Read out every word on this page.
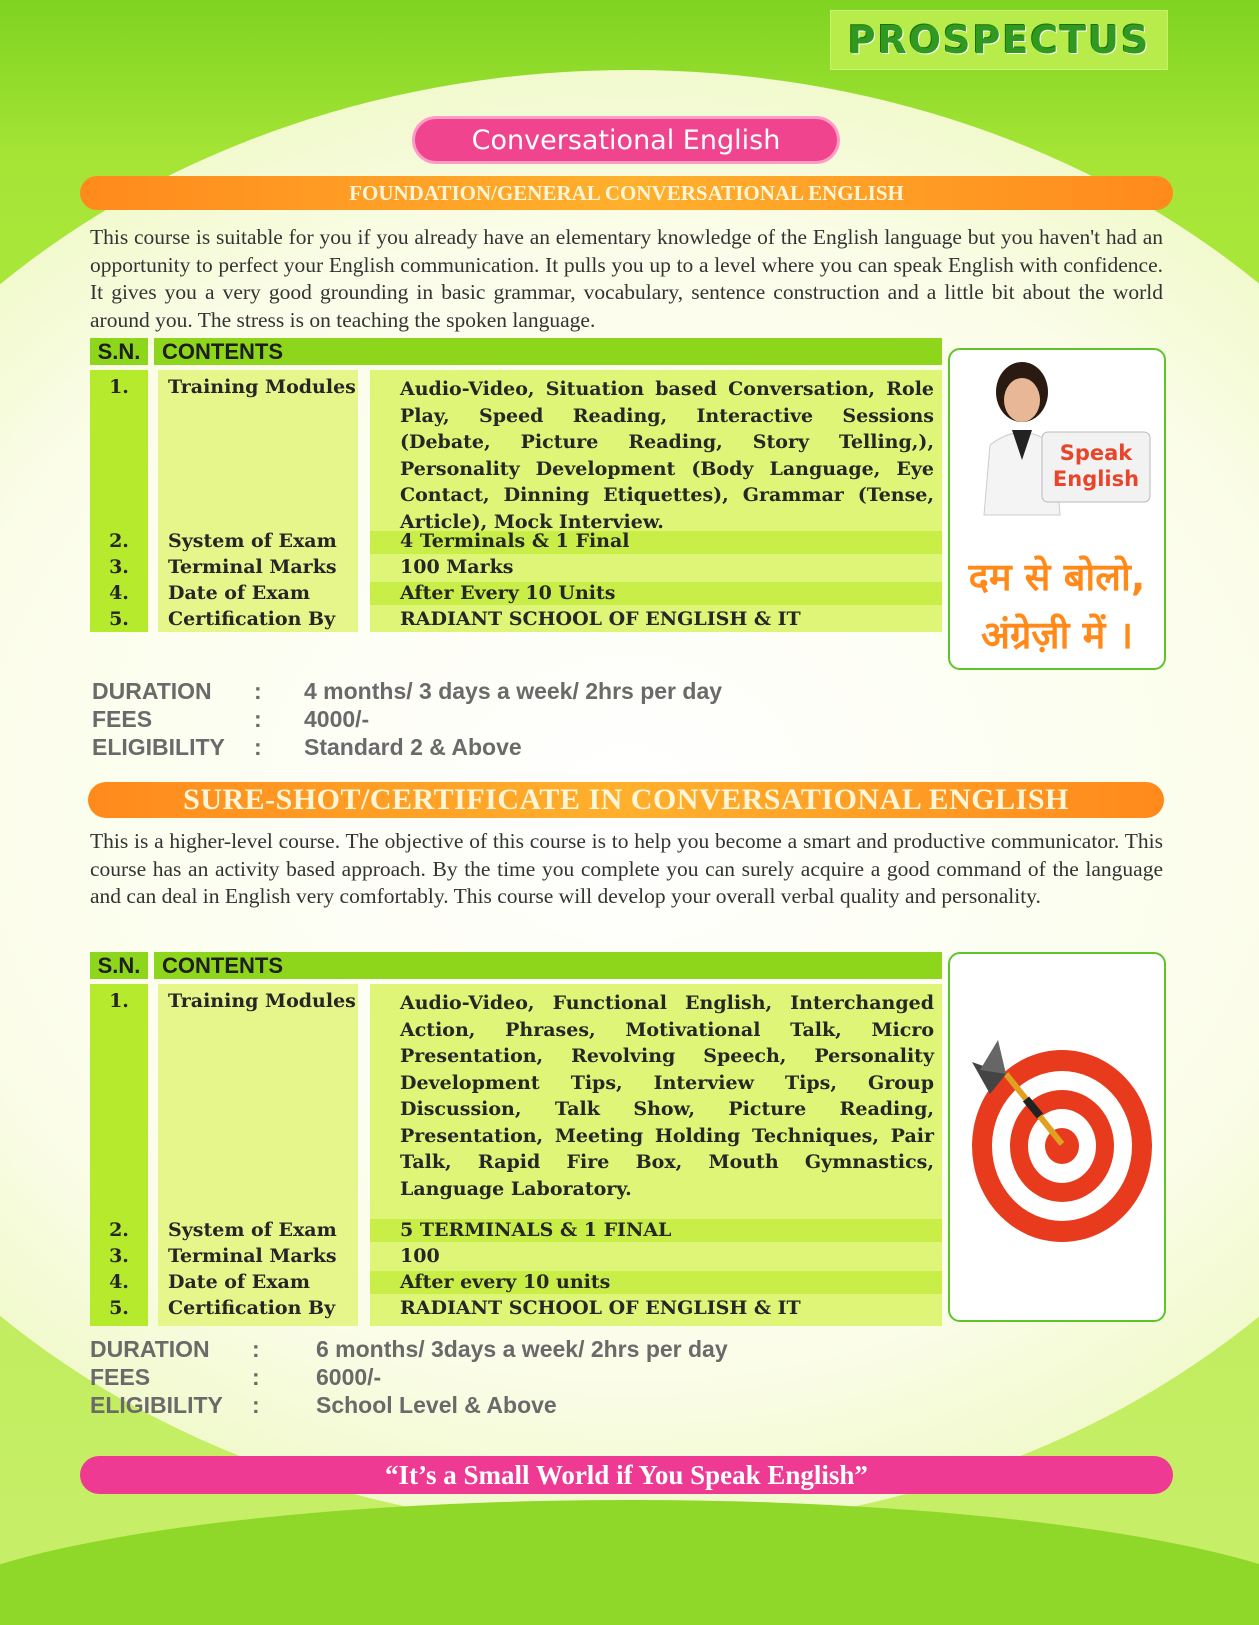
PROSPECTUS
Conversational English
FOUNDATION/GENERAL CONVERSATIONAL ENGLISH
This course is suitable for you if you already have an elementary knowledge of the English language but you haven't had an opportunity to perfect your English communication. It pulls you up to a level where you can speak English with confidence. It gives you a very good grounding in basic grammar, vocabulary, sentence construction and a little bit about the world around you. The stress is on teaching the spoken language.
S.N. CONTENTS
1.	Training Modules	Audio-Video, Situation based Conversation, Role Play, Speed Reading, Interactive Sessions (Debate, Picture Reading, Story Telling,), Personality Development (Body Language, Eye Contact, Dinning Etiquettes), Grammar (Tense, Article), Mock Interview.
2.	System of Exam	4 Terminals & 1 Final
3.	Terminal Marks	100 Marks
4.	Date of Exam	After Every 10 Units
5.	Certification By	RADIANT SCHOOL OF ENGLISH & IT
Speak
English
दम से बोलो,
अंग्रेज़ी में ।
DURATION : 4 months/ 3 days a week/ 2hrs per day
FEES	: 4000/-
ELIGIBILITY : Standard 2 & Above
SURE-SHOT/CERTIFICATE IN CONVERSATIONAL ENGLISH
This is a higher-level course. The objective of this course is to help you become a smart and productive communicator. This course has an activity based approach. By the time you complete you can surely acquire a good command of the language and can deal in English very comfortably. This course will develop your overall verbal quality and personality.
S.N. CONTENTS
1.	Training Modules	Audio-Video, Functional English, Interchanged Action, Phrases, Motivational Talk, Micro Presentation, Revolving Speech, Personality Development Tips, Interview Tips, Group Discussion, Talk Show, Picture Reading, Presentation, Meeting Holding Techniques, Pair Talk, Rapid Fire Box, Mouth Gymnastics, Language Laboratory.
2.	System of Exam	5 TERMINALS & 1 FINAL
3.	Terminal Marks	100
4.	Date of Exam	After every 10 units
5.	Certification By	RADIANT SCHOOL OF ENGLISH & IT
DURATION : 6 months/ 3days a week/ 2hrs per day
FEES	: 6000/-
ELIGIBILITY : School Level & Above
“It’s a Small World if You Speak English”
